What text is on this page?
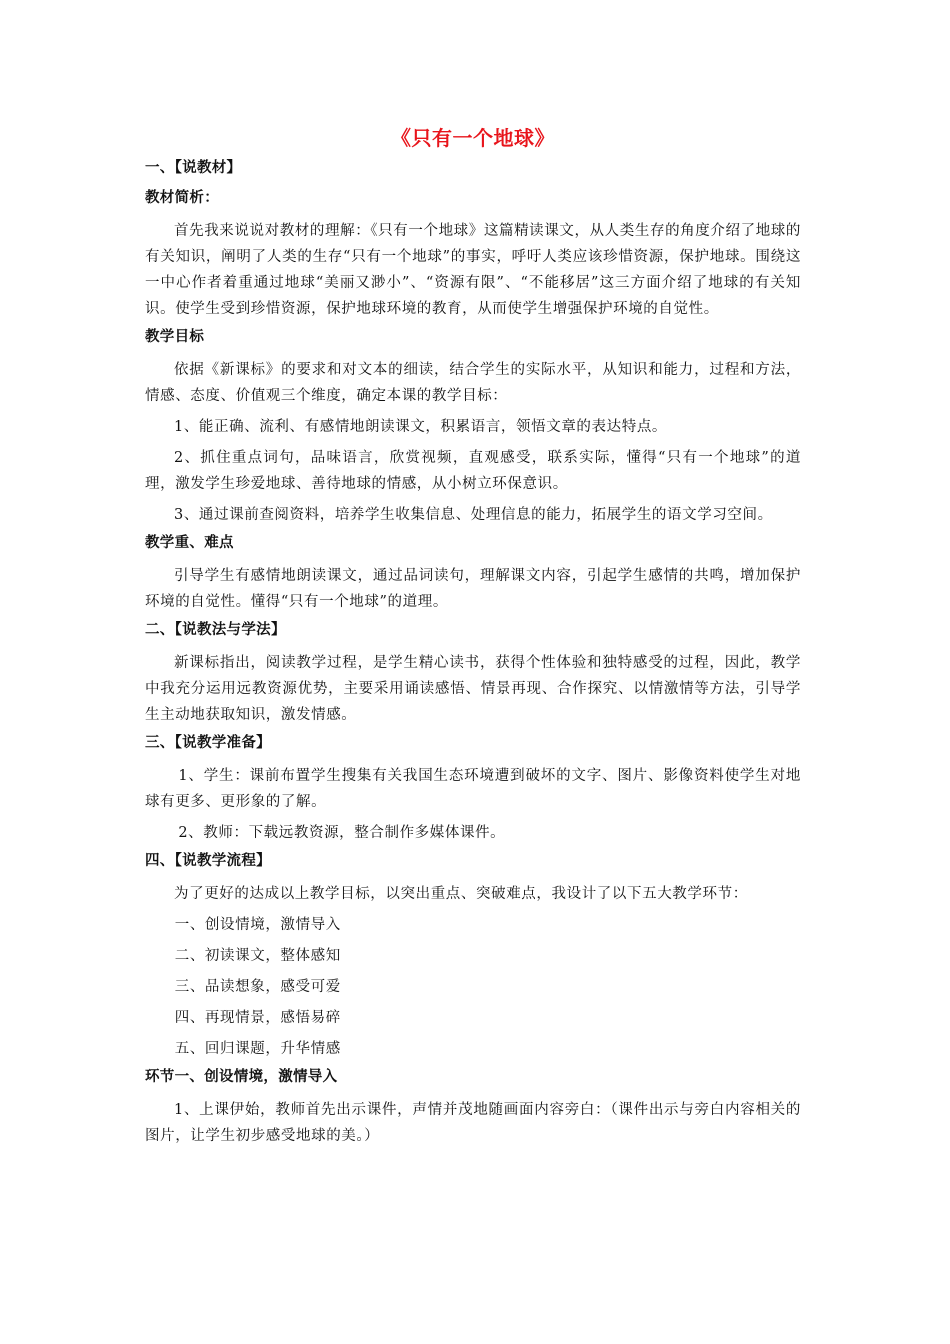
《只有一个地球》
一、【说教材】
教材简析：

首先我来说说对教材的理解：《只有一个地球》这篇精读课文，从人类生存的角度介绍了地球的有关知识，阐明了人类的生存“只有一个地球”的事实，呼吁人类应该珍惜资源，保护地球。围绕这一中心作者着重通过地球“美丽又渺小”、“资源有限”、“不能移居”这三方面介绍了地球的有关知识。使学生受到珍惜资源，保护地球环境的教育，从而使学生增强保护环境的自觉性。

教学目标

依据《新课标》的要求和对文本的细读，结合学生的实际水平，从知识和能力，过程和方法，情感、态度、价值观三个维度，确定本课的教学目标：

1、能正确、流利、有感情地朗读课文，积累语言，领悟文章的表达特点。

2、抓住重点词句，品味语言，欣赏视频，直观感受，联系实际，懂得“只有一个地球”的道理，激发学生珍爱地球、善待地球的情感，从小树立环保意识。

3、通过课前查阅资料，培养学生收集信息、处理信息的能力，拓展学生的语文学习空间。

教学重、难点

引导学生有感情地朗读课文，通过品词读句，理解课文内容，引起学生感情的共鸣，增加保护环境的自觉性。懂得“只有一个地球”的道理。

二、【说教法与学法】

新课标指出，阅读教学过程，是学生精心读书，获得个性体验和独特感受的过程，因此，教学中我充分运用远教资源优势，主要采用诵读感悟、情景再现、合作探究、以情激情等方法，引导学生主动地获取知识，激发情感。

三、【说教学准备】

1、学生：课前布置学生搜集有关我国生态环境遭到破坏的文字、图片、影像资料使学生对地球有更多、更形象的了解。

2、教师：下载远教资源，整合制作多媒体课件。

四、【说教学流程】

为了更好的达成以上教学目标，以突出重点、突破难点，我设计了以下五大教学环节：

一、创设情境，激情导入
二、初读课文，整体感知
三、品读想象，感受可爱
四、再现情景，感悟易碎
五、回归课题，升华情感
环节一、创设情境，激情导入

1、上课伊始，教师首先出示课件，声情并茂地随画面内容旁白：（课件出示与旁白内容相关的图片，让学生初步感受地球的美。）
